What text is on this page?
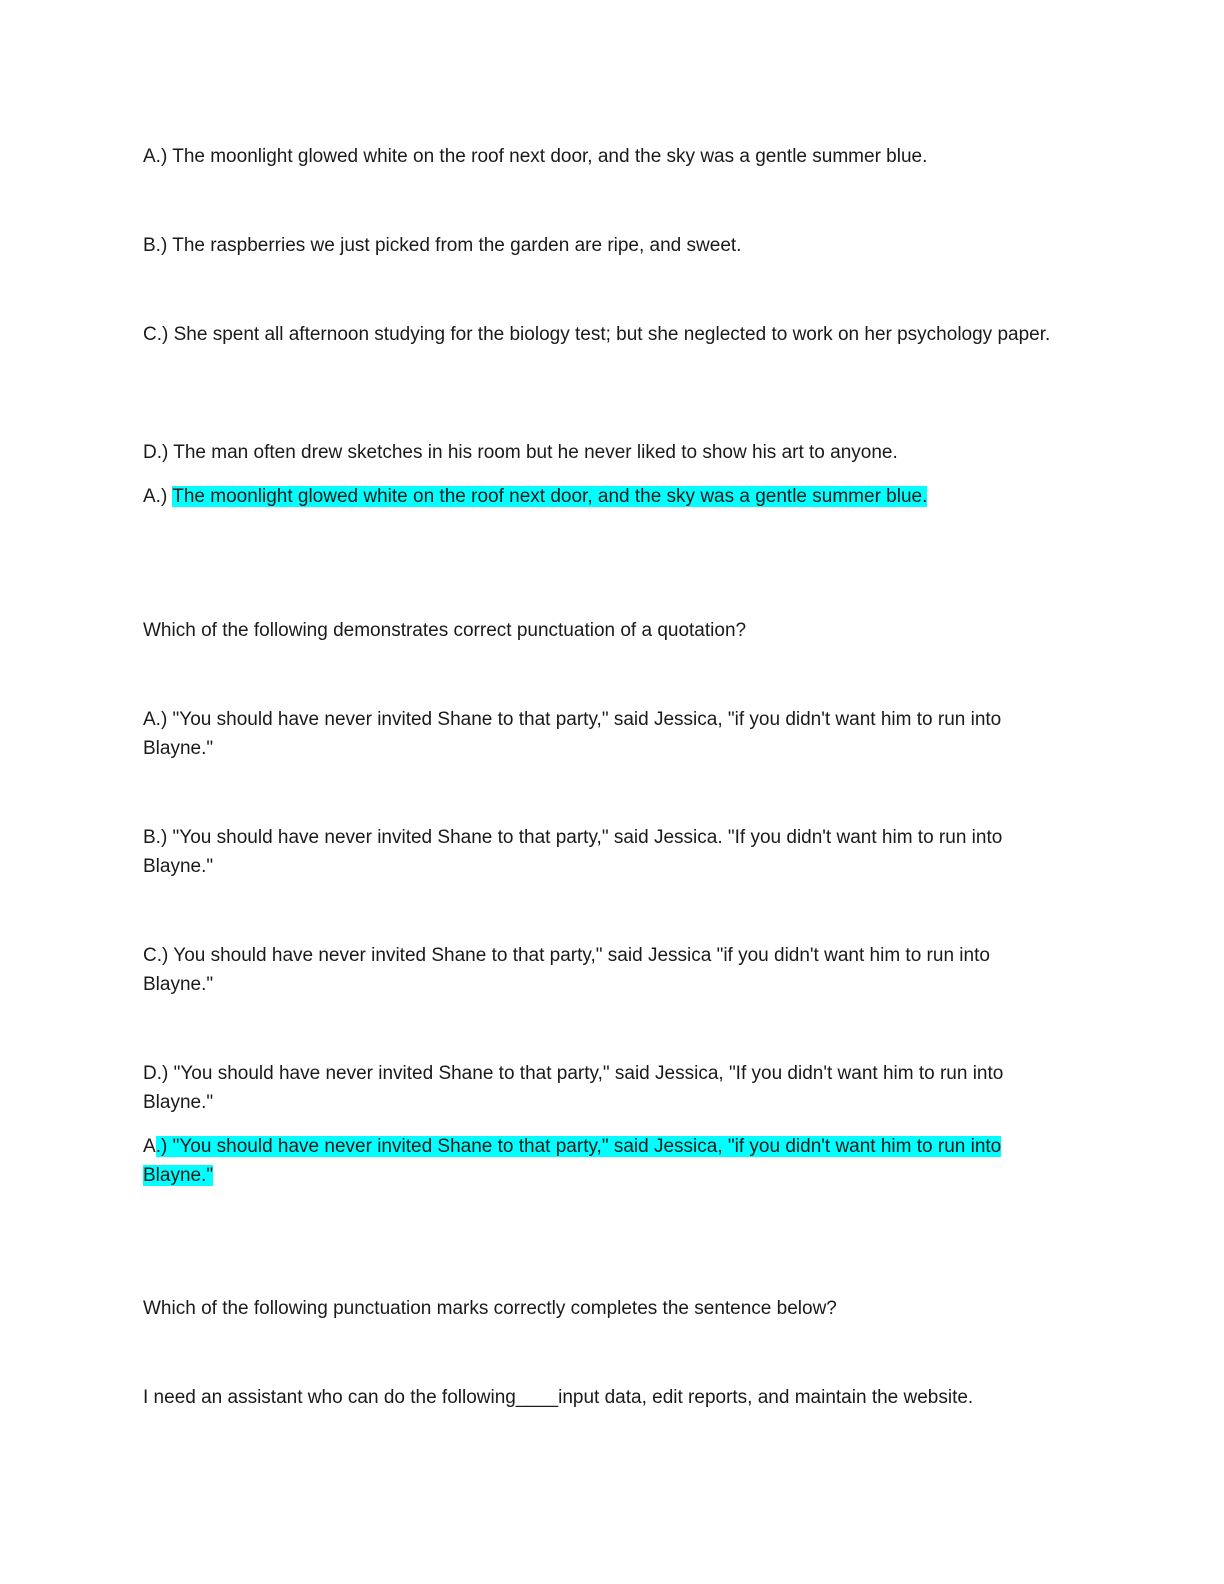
A.) The moonlight glowed white on the roof next door, and the sky was a gentle summer blue.

B.) The raspberries we just picked from the garden are ripe, and sweet.

C.) She spent all afternoon studying for the biology test; but she neglected to work on her psychology paper.

D.) The man often drew sketches in his room but he never liked to show his art to anyone.

A.) The moonlight glowed white on the roof next door, and the sky was a gentle summer blue.

Which of the following demonstrates correct punctuation of a quotation?

A.) "You should have never invited Shane to that party," said Jessica, "if you didn't want him to run into Blayne."

B.) "You should have never invited Shane to that party," said Jessica. "If you didn't want him to run into Blayne."

C.) You should have never invited Shane to that party," said Jessica "if you didn't want him to run into Blayne."

D.) "You should have never invited Shane to that party," said Jessica, "If you didn't want him to run into Blayne."

A.) "You should have never invited Shane to that party," said Jessica, "if you didn't want him to run into Blayne."

Which of the following punctuation marks correctly completes the sentence below?

I need an assistant who can do the following____input data, edit reports, and maintain the website.
